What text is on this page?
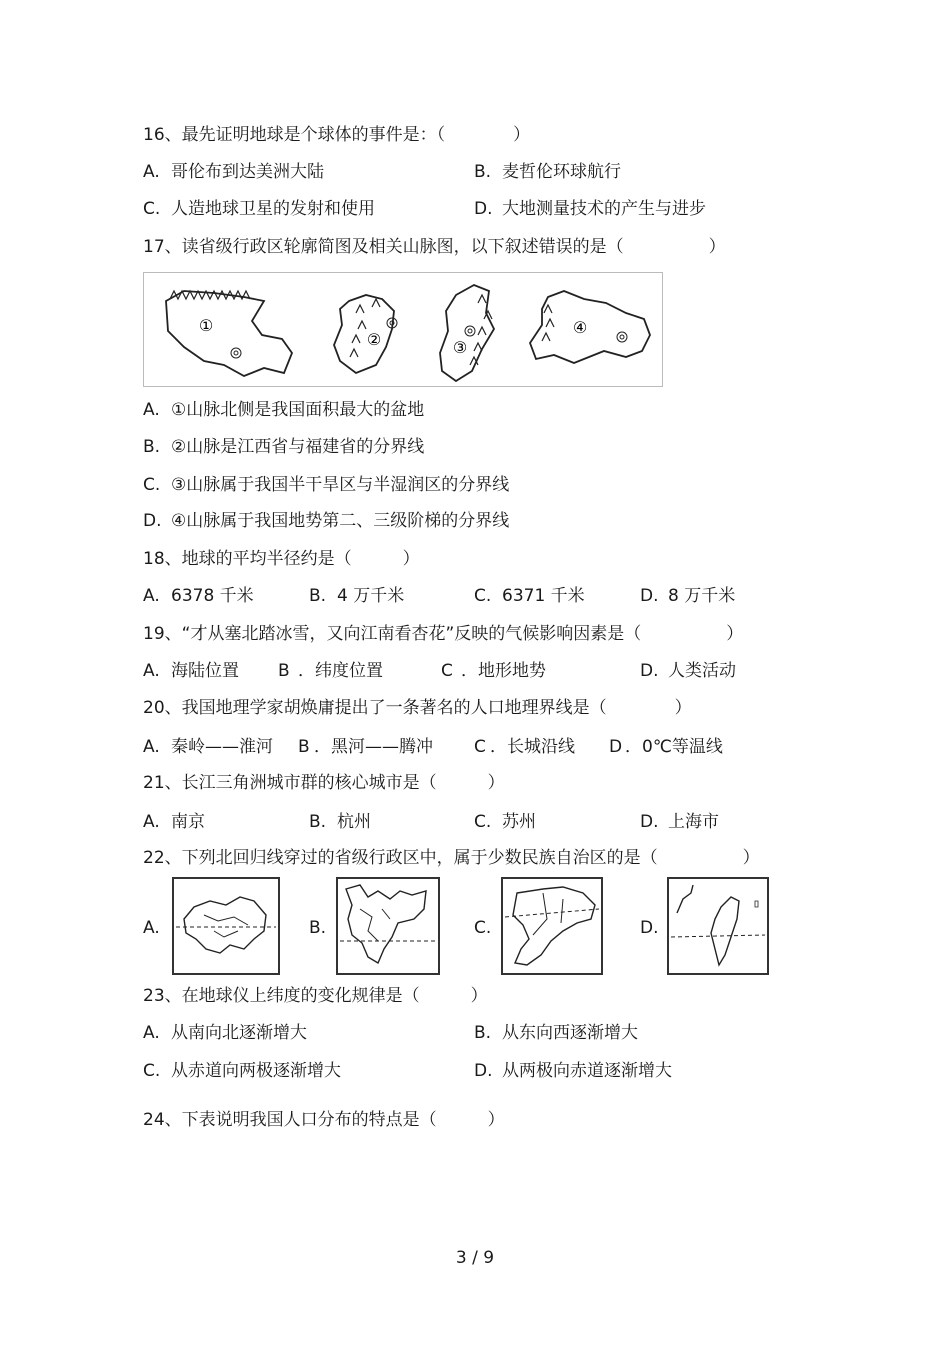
16、最先证明地球是个球体的事件是：（　　　　）
A. 哥伦布到达美洲大陆	B. 麦哲伦环球航行
C. 人造地球卫星的发射和使用	D. 大地测量技术的产生与进步
17、读省级行政区轮廓简图及相关山脉图，以下叙述错误的是（　　　　　）
①
②	③
④
A. ①山脉北侧是我国面积最大的盆地
B. ②山脉是江西省与福建省的分界线
C. ③山脉属于我国半干旱区与半湿润区的分界线
D. ④山脉属于我国地势第二、三级阶梯的分界线
18、地球的平均半径约是（　　　）
A. 6378 千米	B. 4 万千米	C. 6371 千米	D. 8 万千米
19、“才从塞北踏冰雪，又向江南看杏花”反映的气候影响因素是（　　　　　）
A. 海陆位置 B ．纬度位置	C ．地形地势	D. 人类活动
20、我国地理学家胡焕庸提出了一条著名的人口地理界线是（　　　　）
A. 秦岭——淮河 B ．黑河——腾冲 C ．长城沿线 D ．0℃等温线
21、长江三角洲城市群的核心城市是（　　　）
A. 南京	B. 杭州	C. 苏州	D. 上海市
22、下列北回归线穿过的省级行政区中，属于少数民族自治区的是（　　　　　）
A.	B.	C.	D.
23、在地球仪上纬度的变化规律是（　　　）
A. 从南向北逐渐增大	B. 从东向西逐渐增大
C. 从赤道向两极逐渐增大	D. 从两极向赤道逐渐增大
24、下表说明我国人口分布的特点是（　　　）
3 / 9
